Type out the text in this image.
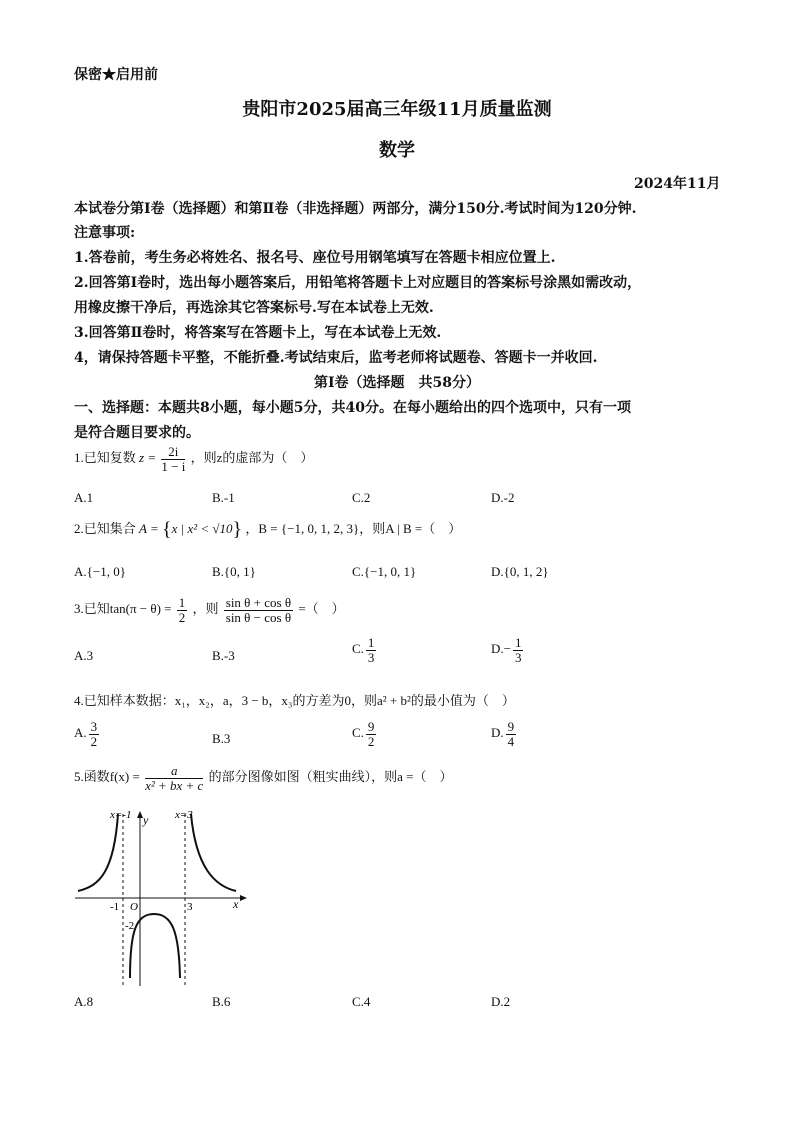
保密★启用前
贵阳市2025届高三年级11月质量监测
数学
2024年11月
本试卷分第Ⅰ卷（选择题）和第Ⅱ卷（非选择题）两部分，满分150分.考试时间为120分钟.
注意事项:
1.答卷前，考生务必将姓名、报名号、座位号用钢笔填写在答题卡相应位置上.
2.回答第Ⅰ卷时，选出每小题答案后，用铅笔将答题卡上对应题目的答案标号涂黑如需改动，
用橡皮擦干净后，再选涂其它答案标号.写在本试卷上无效.
3.回答第Ⅱ卷时，将答案写在答题卡上，写在本试卷上无效.
4，请保持答题卡平整，不能折叠.考试结束后，监考老师将试题卷、答题卡一并收回.
第Ⅰ卷（选择题　共58分）
一、选择题：本题共8小题，每小题5分，共40分。在每小题给出的四个选项中，只有一项
是符合题目要求的。
1.已知复数 $z = \frac{2i}{1 - i}$ ，则z的虚部为（　）
A.1	B.-1	C.2	D.-2
2.已知集合 A = {x | x² < √10} ，B = {−1, 0, 1, 2, 3}，则A | B =（　）
A.{−1, 0}	B.{0, 1}	C.{−1, 0, 1}	D.{0, 1, 2}
3.已知$\tan(\pi - \theta) = \frac{1}{2}$ ，则 $\frac{\text{sin θ + cos θ}}{\text{sin θ − cos θ}}$ =（　）
A.3	B.-3	C. $\frac{1}{3}$	$D.- \frac{1}{3}$
4.已知样本数据：x₁，x₂，a，3 − b，x₃的方差为0，则a² + b²的最小值为（　）
A. $\frac{3}{2}$	B.3	C. $\frac{9}{2}$	D. $\frac{9}{4}$
5.函数$f(x) = \frac{a}{\text{x² + bx + c}}$ 的部分图像如图（粗实曲线），则a =（　）
x=-1	x=3
y
x
-1 O	3
-2
A.8	B.6	C.4	D.2
